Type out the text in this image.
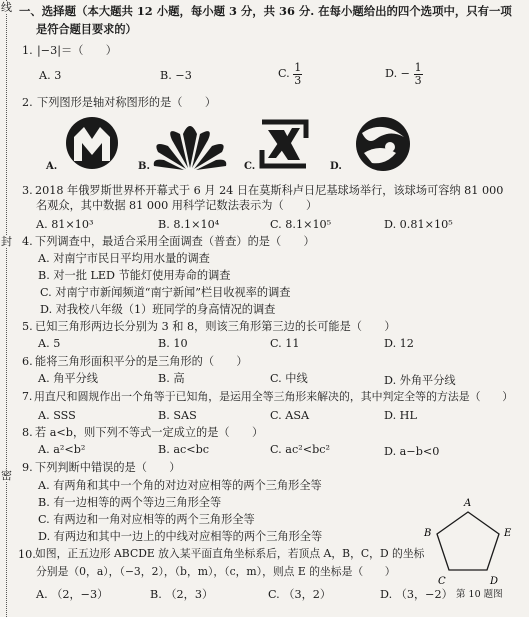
线
封
密
一、选择题（本大题共 12 小题，每小题 3 分，共 36 分. 在每小题给出的四个选项中，只有一项
是符合题目要求的）
1. |−3|＝（　　）
A. 3	B. −3	C. $\frac{1}{3}$	D. − $\frac{1}{3}$
2. 下列图形是轴对称图形的是（　　）
A.	B.	C.	D.
3. 2018 年俄罗斯世界杯开幕式于 6 月 24 日在莫斯科卢日尼基球场举行，该球场可容纳 81 000
名观众，其中数据 81 000 用科学记数法表示为（　　）
A. 81×10³	B. 8.1×10⁴	C. 8.1×10⁵	D. 0.81×10⁵
4. 下列调查中，最适合采用全面调查（普查）的是（　　）
A. 对南宁市民日平均用水量的调查
B. 对一批 LED 节能灯使用寿命的调查
C. 对南宁市新闻频道“南宁新闻”栏目收视率的调查
D. 对我校八年级（1）班同学的身高情况的调查
5. 已知三角形两边长分别为 3 和 8，则该三角形第三边的长可能是（　　）
A. 5	B. 10	C. 11	D. 12
6. 能将三角形面积平分的是三角形的（　　）
A. 角平分线	B. 高	C. 中线	D. 外角平分线
7. 用直尺和圆规作出一个角等于已知角，是运用全等三角形来解决的，其中判定全等的方法是（　　）
A. SSS	B. SAS	C. ASA	D. HL
8. 若 a<b，则下列不等式一定成立的是（　　）
A. a²<b²	B. ac<bc	C. ac²<bc²	D. a−b<0
9. 下列判断中错误的是（　　）
A. 有两角和其中一个角的对边对应相等的两个三角形全等
B. 有一边相等的两个等边三角形全等
C. 有两边和一角对应相等的两个三角形全等
D. 有两边和其中一边上的中线对应相等的两个三角形全等
10. 如图，正五边形 ABCDE 放入某平面直角坐标系后，若顶点 A，B，C，D 的坐标
分别是（0，a），（−3，2），（b，m），（c，m），则点 E 的坐标是（　　）
A. （2，−3）	B. （2，3）	C. （3，2）	D. （3，−2）
A
B
C	D
E
第 10 题图
